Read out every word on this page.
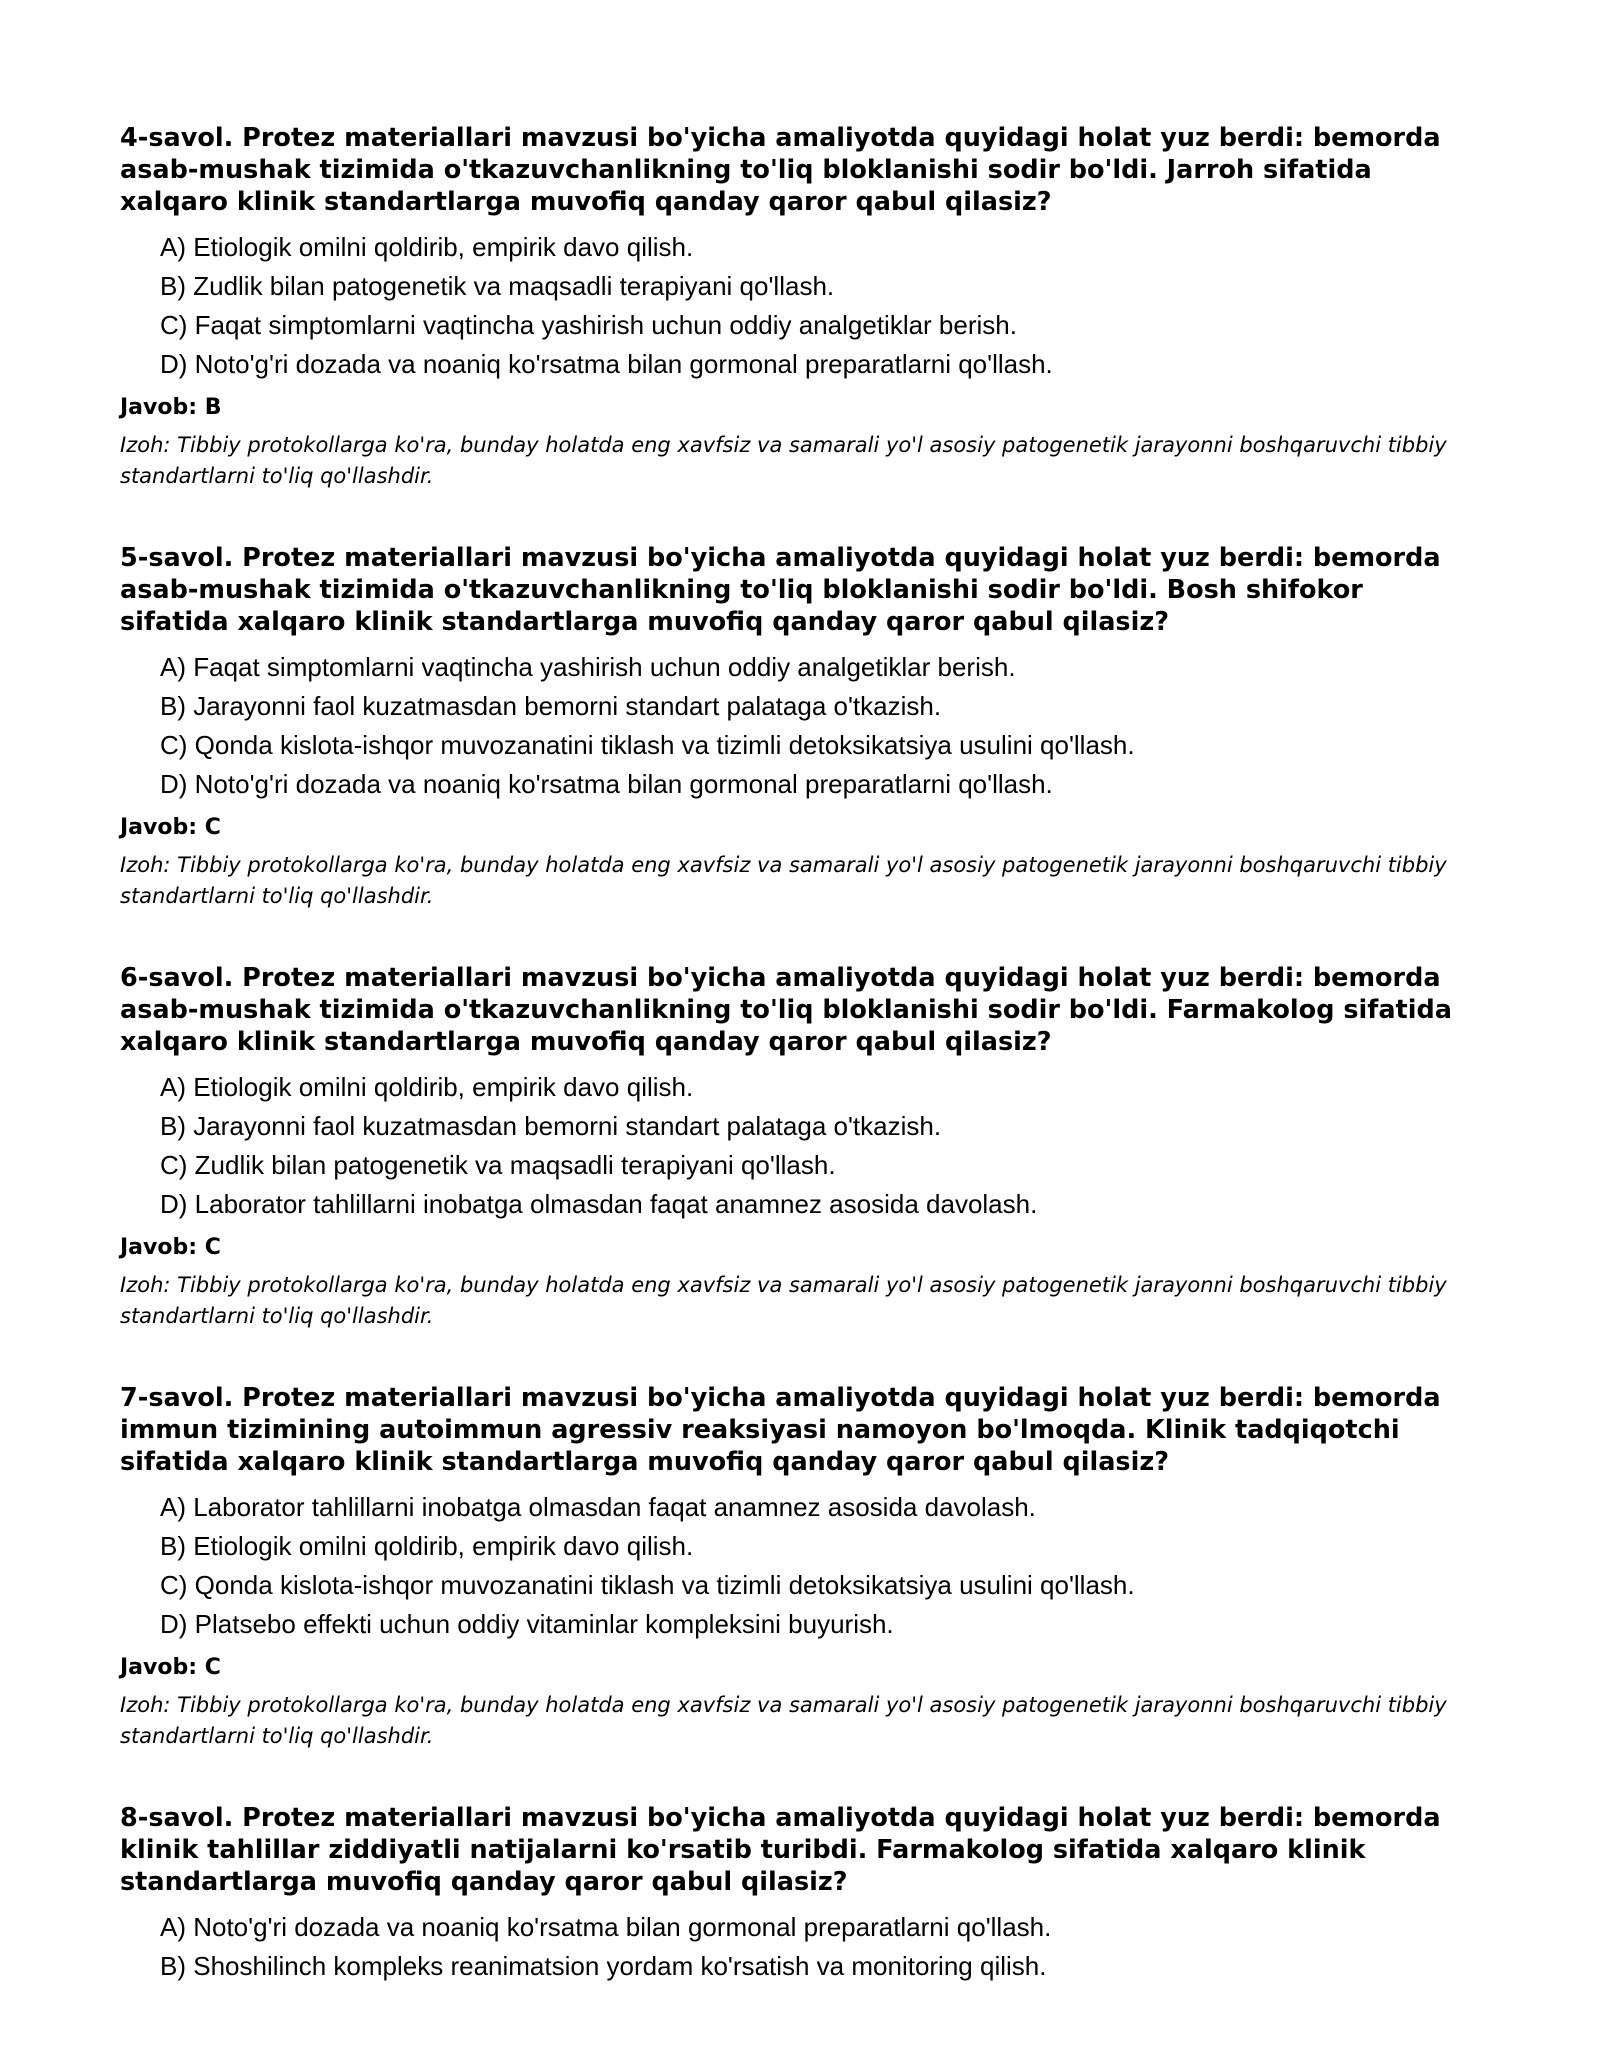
4-savol. Protez materiallari mavzusi bo'yicha amaliyotda quyidagi holat yuz berdi: bemorda asab-mushak tizimida o'tkazuvchanlikning to'liq bloklanishi sodir bo'ldi. Jarroh sifatida xalqaro klinik standartlarga muvofiq qanday qaror qabul qilasiz?

A) Etiologik omilni qoldirib, empirik davo qilish.
B) Zudlik bilan patogenetik va maqsadli terapiyani qo'llash.
C) Faqat simptomlarni vaqtincha yashirish uchun oddiy analgetiklar berish.
D) Noto'g'ri dozada va noaniq ko'rsatma bilan gormonal preparatlarni qo'llash.
Javob: B
Izoh: Tibbiy protokollarga ko'ra, bunday holatda eng xavfsiz va samarali yo'l asosiy patogenetik jarayonni boshqaruvchi tibbiy standartlarni to'liq qo'llashdir.

5-savol. Protez materiallari mavzusi bo'yicha amaliyotda quyidagi holat yuz berdi: bemorda asab-mushak tizimida o'tkazuvchanlikning to'liq bloklanishi sodir bo'ldi. Bosh shifokor sifatida xalqaro klinik standartlarga muvofiq qanday qaror qabul qilasiz?

A) Faqat simptomlarni vaqtincha yashirish uchun oddiy analgetiklar berish.
B) Jarayonni faol kuzatmasdan bemorni standart palataga o'tkazish.
C) Qonda kislota-ishqor muvozanatini tiklash va tizimli detoksikatsiya usulini qo'llash.
D) Noto'g'ri dozada va noaniq ko'rsatma bilan gormonal preparatlarni qo'llash.
Javob: C
Izoh: Tibbiy protokollarga ko'ra, bunday holatda eng xavfsiz va samarali yo'l asosiy patogenetik jarayonni boshqaruvchi tibbiy standartlarni to'liq qo'llashdir.

6-savol. Protez materiallari mavzusi bo'yicha amaliyotda quyidagi holat yuz berdi: bemorda asab-mushak tizimida o'tkazuvchanlikning to'liq bloklanishi sodir bo'ldi. Farmakolog sifatida xalqaro klinik standartlarga muvofiq qanday qaror qabul qilasiz?

A) Etiologik omilni qoldirib, empirik davo qilish.
B) Jarayonni faol kuzatmasdan bemorni standart palataga o'tkazish.
C) Zudlik bilan patogenetik va maqsadli terapiyani qo'llash.
D) Laborator tahlillarni inobatga olmasdan faqat anamnez asosida davolash.
Javob: C
Izoh: Tibbiy protokollarga ko'ra, bunday holatda eng xavfsiz va samarali yo'l asosiy patogenetik jarayonni boshqaruvchi tibbiy standartlarni to'liq qo'llashdir.

7-savol. Protez materiallari mavzusi bo'yicha amaliyotda quyidagi holat yuz berdi: bemorda immun tizimining autoimmun agressiv reaksiyasi namoyon bo'lmoqda. Klinik tadqiqotchi sifatida xalqaro klinik standartlarga muvofiq qanday qaror qabul qilasiz?

A) Laborator tahlillarni inobatga olmasdan faqat anamnez asosida davolash.
B) Etiologik omilni qoldirib, empirik davo qilish.
C) Qonda kislota-ishqor muvozanatini tiklash va tizimli detoksikatsiya usulini qo'llash.
D) Platsebo effekti uchun oddiy vitaminlar kompleksini buyurish.
Javob: C
Izoh: Tibbiy protokollarga ko'ra, bunday holatda eng xavfsiz va samarali yo'l asosiy patogenetik jarayonni boshqaruvchi tibbiy standartlarni to'liq qo'llashdir.

8-savol. Protez materiallari mavzusi bo'yicha amaliyotda quyidagi holat yuz berdi: bemorda klinik tahlillar ziddiyatli natijalarni ko'rsatib turibdi. Farmakolog sifatida xalqaro klinik standartlarga muvofiq qanday qaror qabul qilasiz?

A) Noto'g'ri dozada va noaniq ko'rsatma bilan gormonal preparatlarni qo'llash.
B) Shoshilinch kompleks reanimatsion yordam ko'rsatish va monitoring qilish.
